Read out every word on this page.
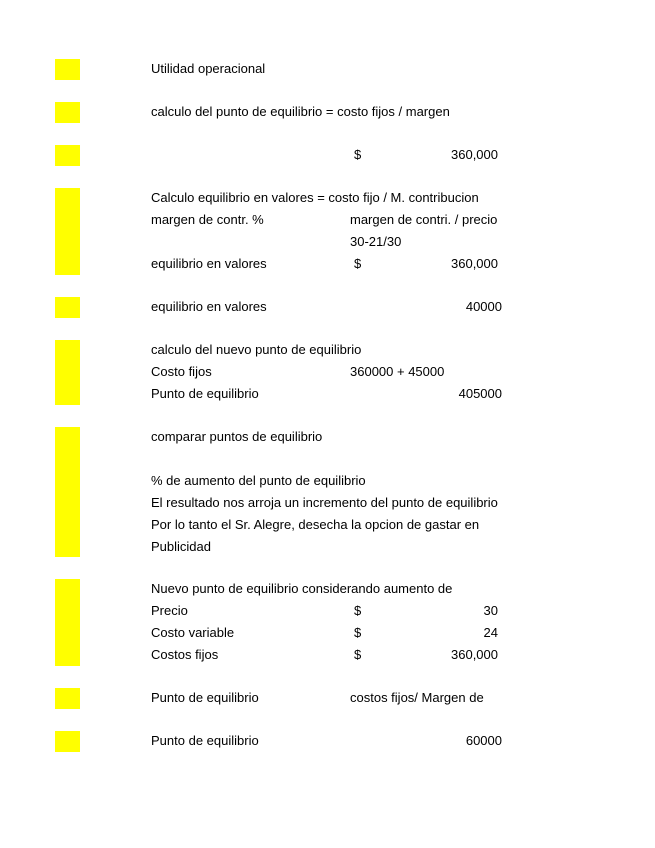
Utilidad operacional
calculo del punto de equilibrio = costo fijos / margen
$	360,000
Calculo equilibrio en valores = costo fijo / M. contribucion
margen de contr. %	margen de contri. / precio
30-21/30
equilibrio en valores	$	360,000
equilibrio en valores	40000
calculo del nuevo punto de equilibrio
Costo fijos	360000 + 45000
Punto de equilibrio	405000
comparar puntos de equilibrio
% de aumento del punto de equilibrio
El resultado nos arroja un incremento del punto de equilibrio
Por lo tanto el Sr. Alegre, desecha la opcion de gastar en
Publicidad
Nuevo punto de equilibrio considerando aumento de
Precio	$	30
Costo variable	$	24
Costos fijos	$	360,000
Punto de equilibrio	costos fijos/ Margen de
Punto de equilibrio	60000
